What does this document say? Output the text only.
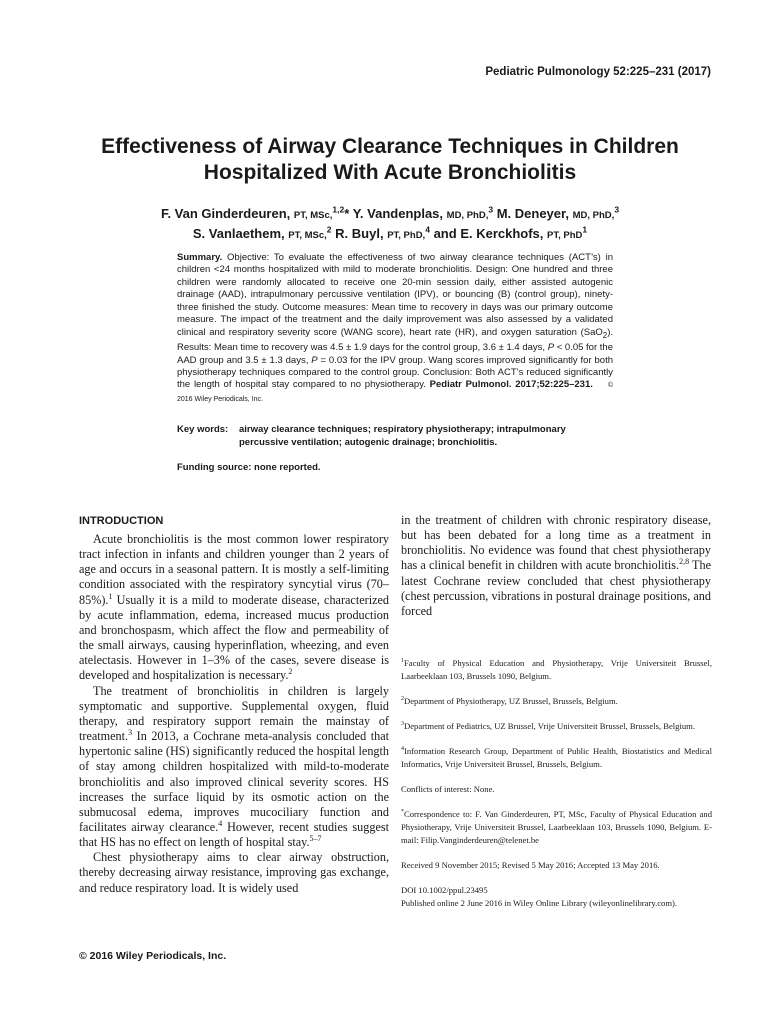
Pediatric Pulmonology 52:225–231 (2017)
Effectiveness of Airway Clearance Techniques in Children
Hospitalized With Acute Bronchiolitis
F. Van Ginderdeuren, PT, MSc,$^{1,2}$* Y. Vandenplas, MD, PhD,$^3$ M. Deneyer, MD, PhD,$^3$
S. Vanlaethem, PT, MSc,$^2$ R. Buyl, PT, PhD,$^4$ and E. Kerckhofs, PT, PhD$^1$
Summary. Objective: To evaluate the effectiveness of two airway clearance techniques (ACT’s) in children <24 months hospitalized with mild to moderate bronchiolitis. Design: One hundred and three children were randomly allocated to receive one 20-min session daily, either assisted autogenic drainage (AAD), intrapulmonary percussive ventilation (IPV), or bouncing (B) (control group), ninety-three finished the study. Outcome measures: Mean time to recovery in days was our primary outcome measure. The impact of the treatment and the daily improvement was also assessed by a validated clinical and respiratory severity score (WANG score), heart rate (HR), and oxygen saturation (SaO$_2$). Results: Mean time to recovery was 4.5 ± 1.9 days for the control group, 3.6 ± 1.4 days, P < 0.05 for the AAD group and 3.5 ± 1.3 days, P = 0.03 for the IPV group. Wang scores improved significantly for both physiotherapy techniques compared to the control group. Conclusion: Both ACT’s reduced significantly the length of hospital stay compared to no physiotherapy. Pediatr Pulmonol. 2017;52:225–231. © 2016 Wiley Periodicals, Inc.
Key words: airway clearance techniques; respiratory physiotherapy; intrapulmonary
percussive ventilation; autogenic drainage; bronchiolitis.
Funding source: none reported.
INTRODUCTION

Acute bronchiolitis is the most common lower respiratory tract infection in infants and children younger than 2 years of age and occurs in a seasonal pattern. It is mostly a self-limiting condition associated with the respiratory syncytial virus (70–85%).$^1$ Usually it is a mild to moderate disease, characterized by acute inflammation, edema, increased mucus production and bronchospasm, which affect the flow and permeability of the small airways, causing hyperinflation, wheezing, and even atelectasis. However in 1–3% of the cases, severe disease is developed and hospitalization is necessary.$^2$

The treatment of bronchiolitis in children is largely symptomatic and supportive. Supplemental oxygen, fluid therapy, and respiratory support remain the mainstay of treatment.$^3$ In 2013, a Cochrane meta-analysis concluded that hypertonic saline (HS) significantly reduced the hospital length of stay among children hospitalized with mild-to-moderate bronchiolitis and also improved clinical severity scores. HS increases the surface liquid by its osmotic action on the submucosal edema, improves mucociliary function and facilitates airway clearance.$^4$ However, recent studies suggest that HS has no effect on length of hospital stay.$^{5-7}$

Chest physiotherapy aims to clear airway obstruction, thereby decreasing airway resistance, improving gas exchange, and reduce respiratory load. It is widely used

in the treatment of children with chronic respiratory disease, but has been debated for a long time as a treatment in bronchiolitis. No evidence was found that chest physiotherapy has a clinical benefit in children with acute bronchiolitis.$^{2,8}$ The latest Cochrane review concluded that chest physiotherapy (chest percussion, vibrations in postural drainage positions, and forced

$^1$Faculty of Physical Education and Physiotherapy, Vrije Universiteit Brussel, Laarbeeklaan 103, Brussels 1090, Belgium.

$^2$Department of Physiotherapy, UZ Brussel, Brussels, Belgium.

$^3$Department of Pediatrics, UZ Brussel, Vrije Universiteit Brussel, Brussels, Belgium.

$^4$Information Research Group, Department of Public Health, Biostatistics and Medical Informatics, Vrije Universiteit Brussel, Brussels, Belgium.

Conflicts of interest: None.

*Correspondence to: F. Van Ginderdeuren, PT, MSc, Faculty of Physical Education and Physiotherapy, Vrije Universiteit Brussel, Laarbeeklaan 103, Brussels 1090, Belgium. E-mail: Filip.Vanginderdeuren@telenet.be

Received 9 November 2015; Revised 5 May 2016; Accepted 13 May 2016.

DOI 10.1002/ppul.23495
Published online 2 June 2016 in Wiley Online Library (wileyonlinelibrary.com).

© 2016 Wiley Periodicals, Inc.
